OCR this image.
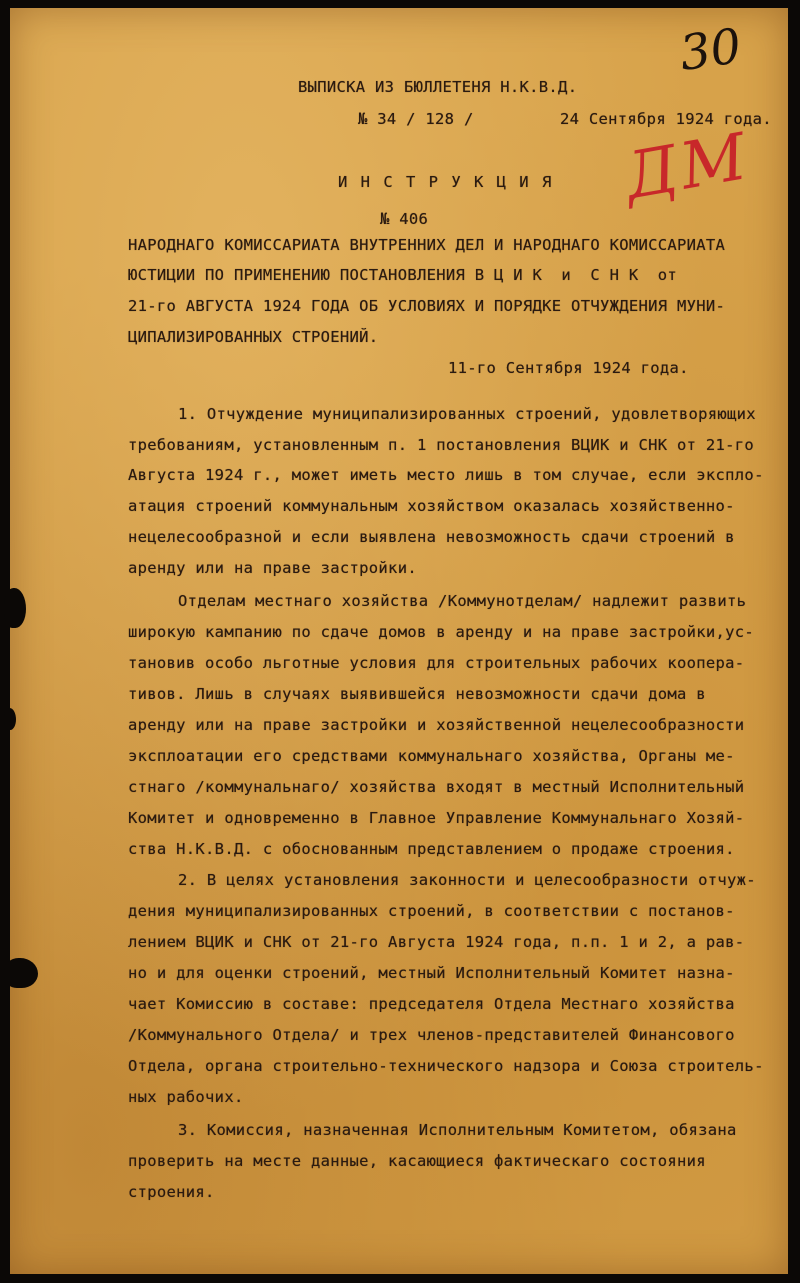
30
ДМ
ВЫПИСКА ИЗ БЮЛЛЕТЕНЯ Н.К.В.Д.
№ 34 / 128 /	24 Сентября 1924 года.
И Н С Т Р У К Ц И Я
№ 406
НАРОДНАГО КОМИССАРИАТА ВНУТРЕННИХ ДЕЛ И НАРОДНАГО КОМИССАРИАТА
ЮСТИЦИИ ПО ПРИМЕНЕНИЮ ПОСТАНОВЛЕНИЯ В Ц И К  и  С Н К  от
21-го АВГУСТА 1924 ГОДА ОБ УСЛОВИЯХ И ПОРЯДКЕ ОТЧУЖДЕНИЯ МУНИ-
ЦИПАЛИЗИРОВАННЫХ СТРОЕНИЙ.
11-го Сентября 1924 года.
1. Отчуждение муниципализированных строений, удовлетворяющих
требованиям, установленным п. 1 постановления ВЦИК и СНК от 21-го
Августа 1924 г., может иметь место лишь в том случае, если экспло-
атация строений коммунальным хозяйством оказалась хозяйственно-
нецелесообразной и если выявлена невозможность сдачи строений в
аренду или на праве застройки.
Отделам местнаго хозяйства /Коммунотделам/ надлежит развить
широкую кампанию по сдаче домов в аренду и на праве застройки,ус-
тановив особо льготные условия для строительных рабочих коопера-
тивов. Лишь в случаях выявившейся невозможности сдачи дома в
аренду или на праве застройки и хозяйственной нецелесообразности
эксплоатации его средствами коммунальнаго хозяйства, Органы ме-
стнаго /коммунальнаго/ хозяйства входят в местный Исполнительный
Комитет и одновременно в Главное Управление Коммунальнаго Хозяй-
ства Н.К.В.Д. с обоснованным представлением о продаже строения.
2. В целях установления законности и целесообразности отчуж-
дения муниципализированных строений, в соответствии с постанов-
лением ВЦИК и СНК от 21-го Августа 1924 года, п.п. 1 и 2, а рав-
но и для оценки строений, местный Исполнительный Комитет назна-
чает Комиссию в составе: председателя Отдела Местнаго хозяйства
/Коммунального Отдела/ и трех членов-представителей Финансового
Отдела, органа строительно-технического надзора и Союза строитель-
ных рабочих.
3. Комиссия, назначенная Исполнительным Комитетом, обязана
проверить на месте данные, касающиеся фактическаго состояния
строения.
